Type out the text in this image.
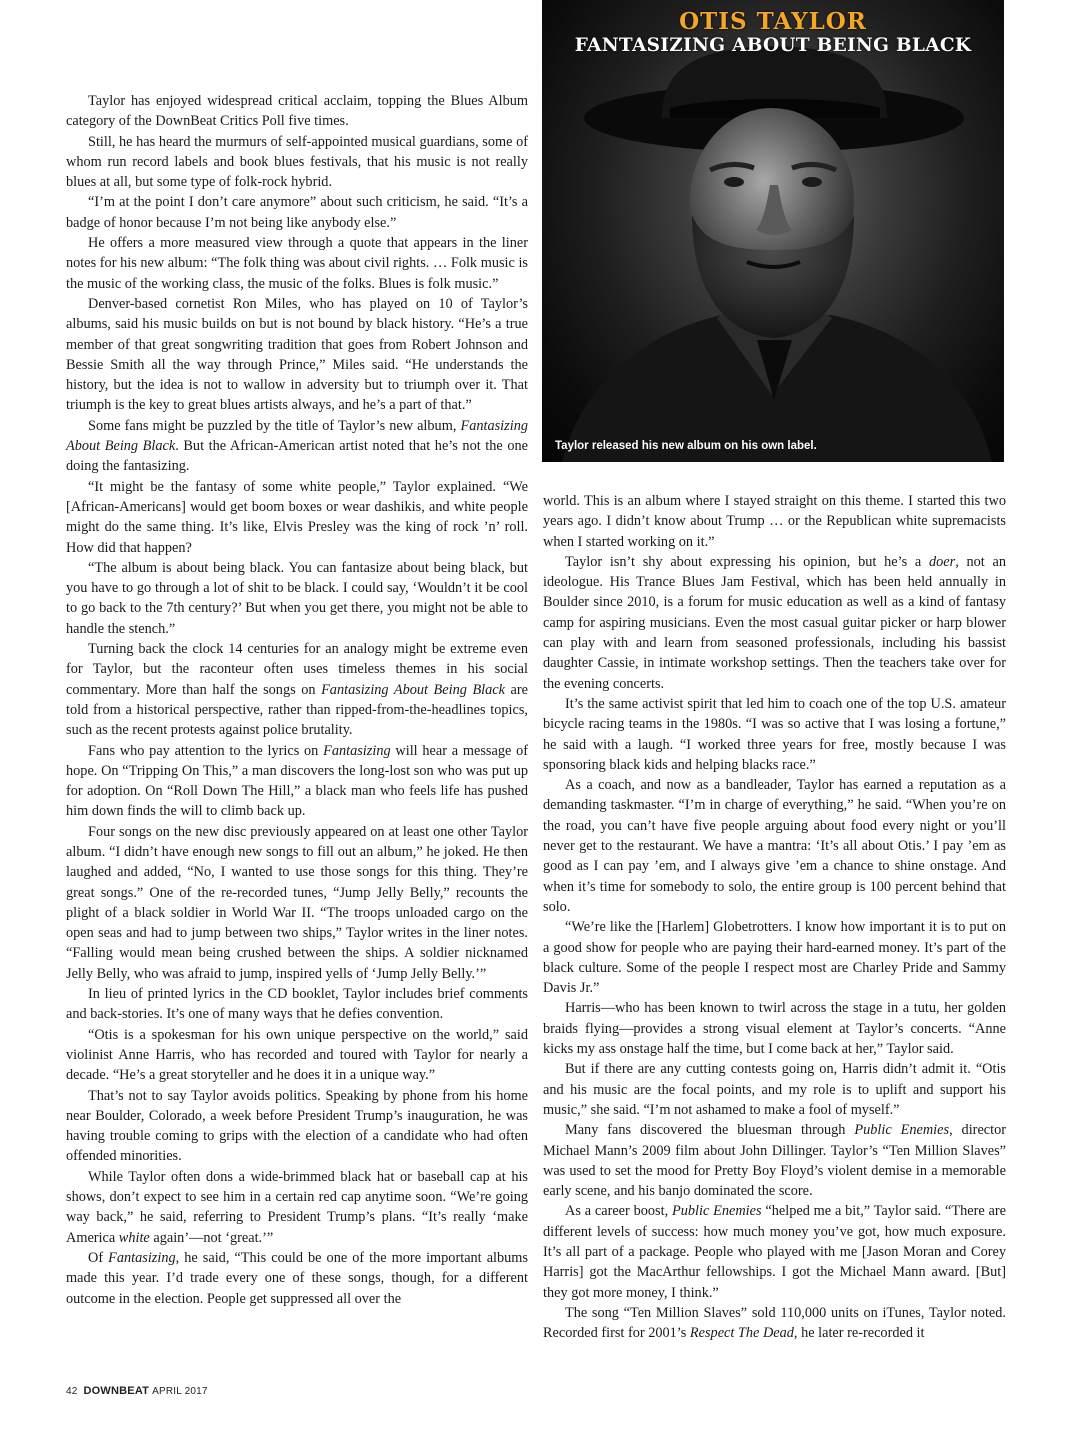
OTIS TAYLOR
FANTASIZING ABOUT BEING BLACK
Taylor released his new album on his own label.

Taylor has enjoyed widespread critical acclaim, topping the Blues Album category of the DownBeat Critics Poll five times.

Still, he has heard the murmurs of self-appointed musical guardians, some of whom run record labels and book blues festivals, that his music is not really blues at all, but some type of folk-rock hybrid.

“I’m at the point I don’t care anymore” about such criticism, he said. “It’s a badge of honor because I’m not being like anybody else.”

He offers a more measured view through a quote that appears in the liner notes for his new album: “The folk thing was about civil rights. … Folk music is the music of the working class, the music of the folks. Blues is folk music.”

Denver-based cornetist Ron Miles, who has played on 10 of Taylor’s albums, said his music builds on but is not bound by black history. “He’s a true member of that great songwriting tradition that goes from Robert Johnson and Bessie Smith all the way through Prince,” Miles said. “He understands the history, but the idea is not to wallow in adversity but to triumph over it. That triumph is the key to great blues artists always, and he’s a part of that.”

Some fans might be puzzled by the title of Taylor’s new album, Fantasizing About Being Black. But the African-American artist noted that he’s not the one doing the fantasizing.

“It might be the fantasy of some white people,” Taylor explained. “We [African-Americans] would get boom boxes or wear dashikis, and white people might do the same thing. It’s like, Elvis Presley was the king of rock ’n’ roll. How did that happen?

“The album is about being black. You can fantasize about being black, but you have to go through a lot of shit to be black. I could say, ‘Wouldn’t it be cool to go back to the 7th century?’ But when you get there, you might not be able to handle the stench.”

Turning back the clock 14 centuries for an analogy might be extreme even for Taylor, but the raconteur often uses timeless themes in his social commentary. More than half the songs on Fantasizing About Being Black are told from a historical perspective, rather than ripped-from-the-headlines topics, such as the recent protests against police brutality.

Fans who pay attention to the lyrics on Fantasizing will hear a message of hope. On “Tripping On This,” a man discovers the long-lost son who was put up for adoption. On “Roll Down The Hill,” a black man who feels life has pushed him down finds the will to climb back up.

Four songs on the new disc previously appeared on at least one other Taylor album. “I didn’t have enough new songs to fill out an album,” he joked. He then laughed and added, “No, I wanted to use those songs for this thing. They’re great songs.” One of the re-recorded tunes, “Jump Jelly Belly,” recounts the plight of a black soldier in World War II. “The troops unloaded cargo on the open seas and had to jump between two ships,” Taylor writes in the liner notes. “Falling would mean being crushed between the ships. A soldier nicknamed Jelly Belly, who was afraid to jump, inspired yells of ‘Jump Jelly Belly.’”

In lieu of printed lyrics in the CD booklet, Taylor includes brief comments and back-stories. It’s one of many ways that he defies convention.

“Otis is a spokesman for his own unique perspective on the world,” said violinist Anne Harris, who has recorded and toured with Taylor for nearly a decade. “He’s a great storyteller and he does it in a unique way.”

That’s not to say Taylor avoids politics. Speaking by phone from his home near Boulder, Colorado, a week before President Trump’s inauguration, he was having trouble coming to grips with the election of a candidate who had often offended minorities.

While Taylor often dons a wide-brimmed black hat or baseball cap at his shows, don’t expect to see him in a certain red cap anytime soon. “We’re going way back,” he said, referring to President Trump’s plans. “It’s really ‘make America white again’—not ‘great.’”

Of Fantasizing, he said, “This could be one of the more important albums made this year. I’d trade every one of these songs, though, for a different outcome in the election. People get suppressed all over the

world. This is an album where I stayed straight on this theme. I started this two years ago. I didn’t know about Trump … or the Republican white supremacists when I started working on it.”

Taylor isn’t shy about expressing his opinion, but he’s a doer, not an ideologue. His Trance Blues Jam Festival, which has been held annually in Boulder since 2010, is a forum for music education as well as a kind of fantasy camp for aspiring musicians. Even the most casual guitar picker or harp blower can play with and learn from seasoned professionals, including his bassist daughter Cassie, in intimate workshop settings. Then the teachers take over for the evening concerts.

It’s the same activist spirit that led him to coach one of the top U.S. amateur bicycle racing teams in the 1980s. “I was so active that I was losing a fortune,” he said with a laugh. “I worked three years for free, mostly because I was sponsoring black kids and helping blacks race.”

As a coach, and now as a bandleader, Taylor has earned a reputation as a demanding taskmaster. “I’m in charge of everything,” he said. “When you’re on the road, you can’t have five people arguing about food every night or you’ll never get to the restaurant. We have a mantra: ‘It’s all about Otis.’ I pay ’em as good as I can pay ’em, and I always give ’em a chance to shine onstage. And when it’s time for somebody to solo, the entire group is 100 percent behind that solo.

“We’re like the [Harlem] Globetrotters. I know how important it is to put on a good show for people who are paying their hard-earned money. It’s part of the black culture. Some of the people I respect most are Charley Pride and Sammy Davis Jr.”

Harris—who has been known to twirl across the stage in a tutu, her golden braids flying—provides a strong visual element at Taylor’s concerts. “Anne kicks my ass onstage half the time, but I come back at her,” Taylor said.

But if there are any cutting contests going on, Harris didn’t admit it. “Otis and his music are the focal points, and my role is to uplift and support his music,” she said. “I’m not ashamed to make a fool of myself.”

Many fans discovered the bluesman through Public Enemies, director Michael Mann’s 2009 film about John Dillinger. Taylor’s “Ten Million Slaves” was used to set the mood for Pretty Boy Floyd’s violent demise in a memorable early scene, and his banjo dominated the score.

As a career boost, Public Enemies “helped me a bit,” Taylor said. “There are different levels of success: how much money you’ve got, how much exposure. It’s all part of a package. People who played with me [Jason Moran and Corey Harris] got the MacArthur fellowships. I got the Michael Mann award. [But] they got more money, I think.”

The song “Ten Million Slaves” sold 110,000 units on iTunes, Taylor noted. Recorded first for 2001’s Respect The Dead, he later re-recorded it

42 DOWNBEAT APRIL 2017
